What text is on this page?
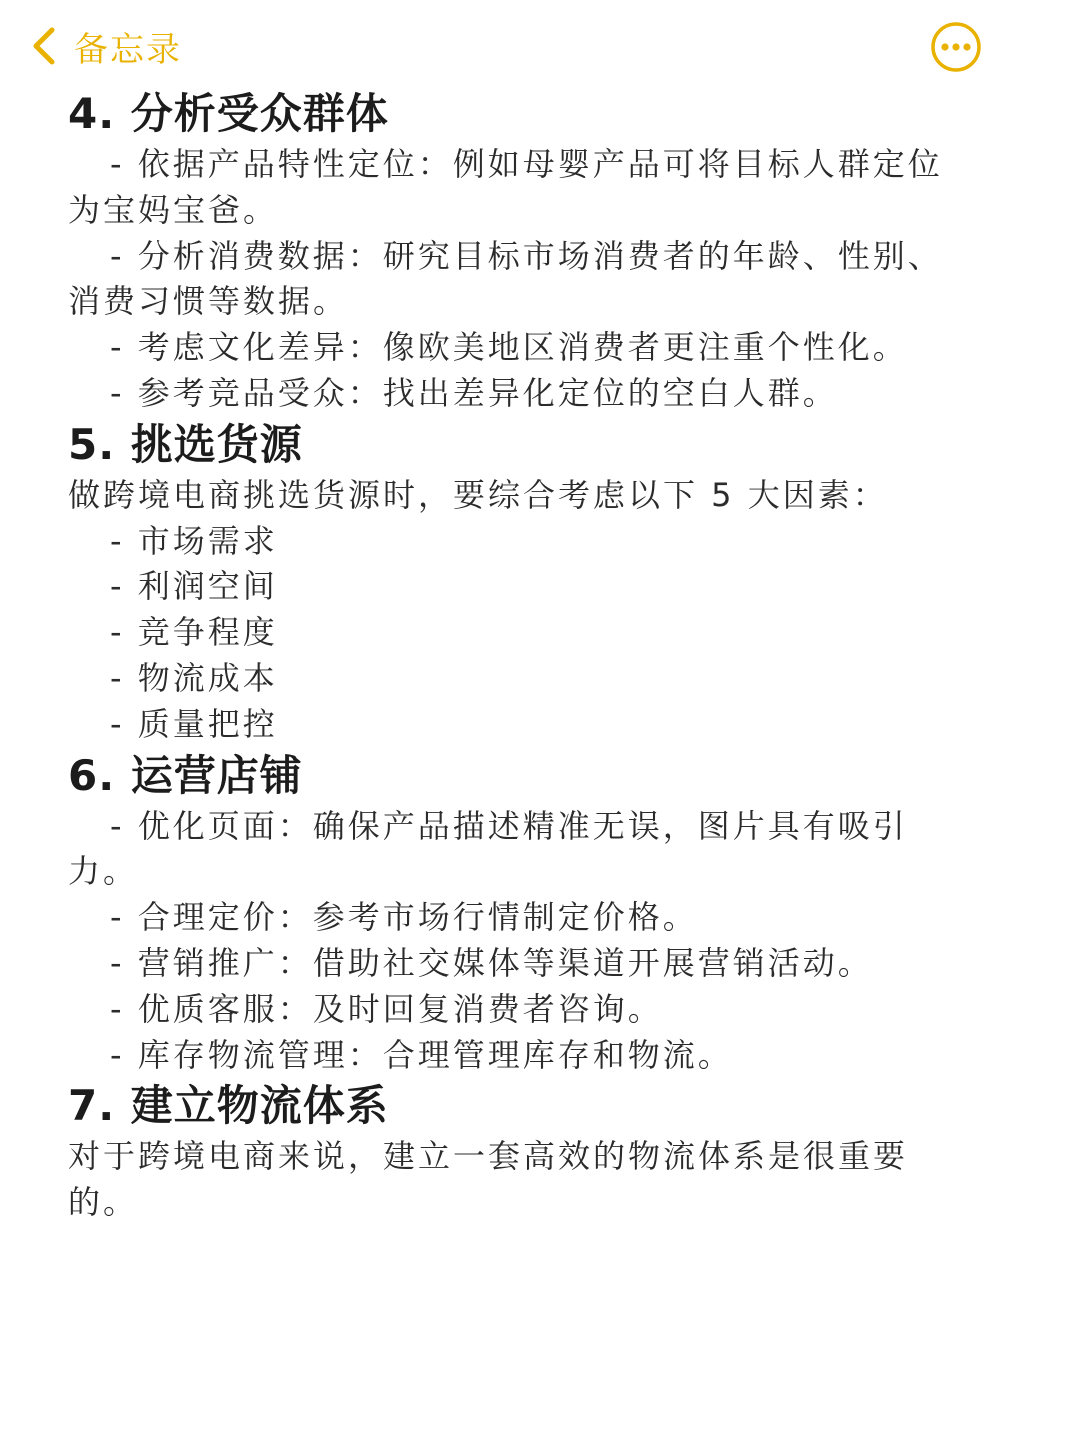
备忘录
4. 分析受众群体

- 依据产品特性定位：例如母婴产品可将目标人群定位为宝妈宝爸。

- 分析消费数据：研究目标市场消费者的年龄、性别、消费习惯等数据。

- 考虑文化差异：像欧美地区消费者更注重个性化。

- 参考竞品受众：找出差异化定位的空白人群。

5. 挑选货源

做跨境电商挑选货源时，要综合考虑以下 5 大因素：

- 市场需求

- 利润空间

- 竞争程度

- 物流成本

- 质量把控

6. 运营店铺

- 优化页面：确保产品描述精准无误，图片具有吸引力。

- 合理定价：参考市场行情制定价格。

- 营销推广：借助社交媒体等渠道开展营销活动。

- 优质客服：及时回复消费者咨询。

- 库存物流管理：合理管理库存和物流。

7. 建立物流体系

对于跨境电商来说，建立一套高效的物流体系是很重要的。
